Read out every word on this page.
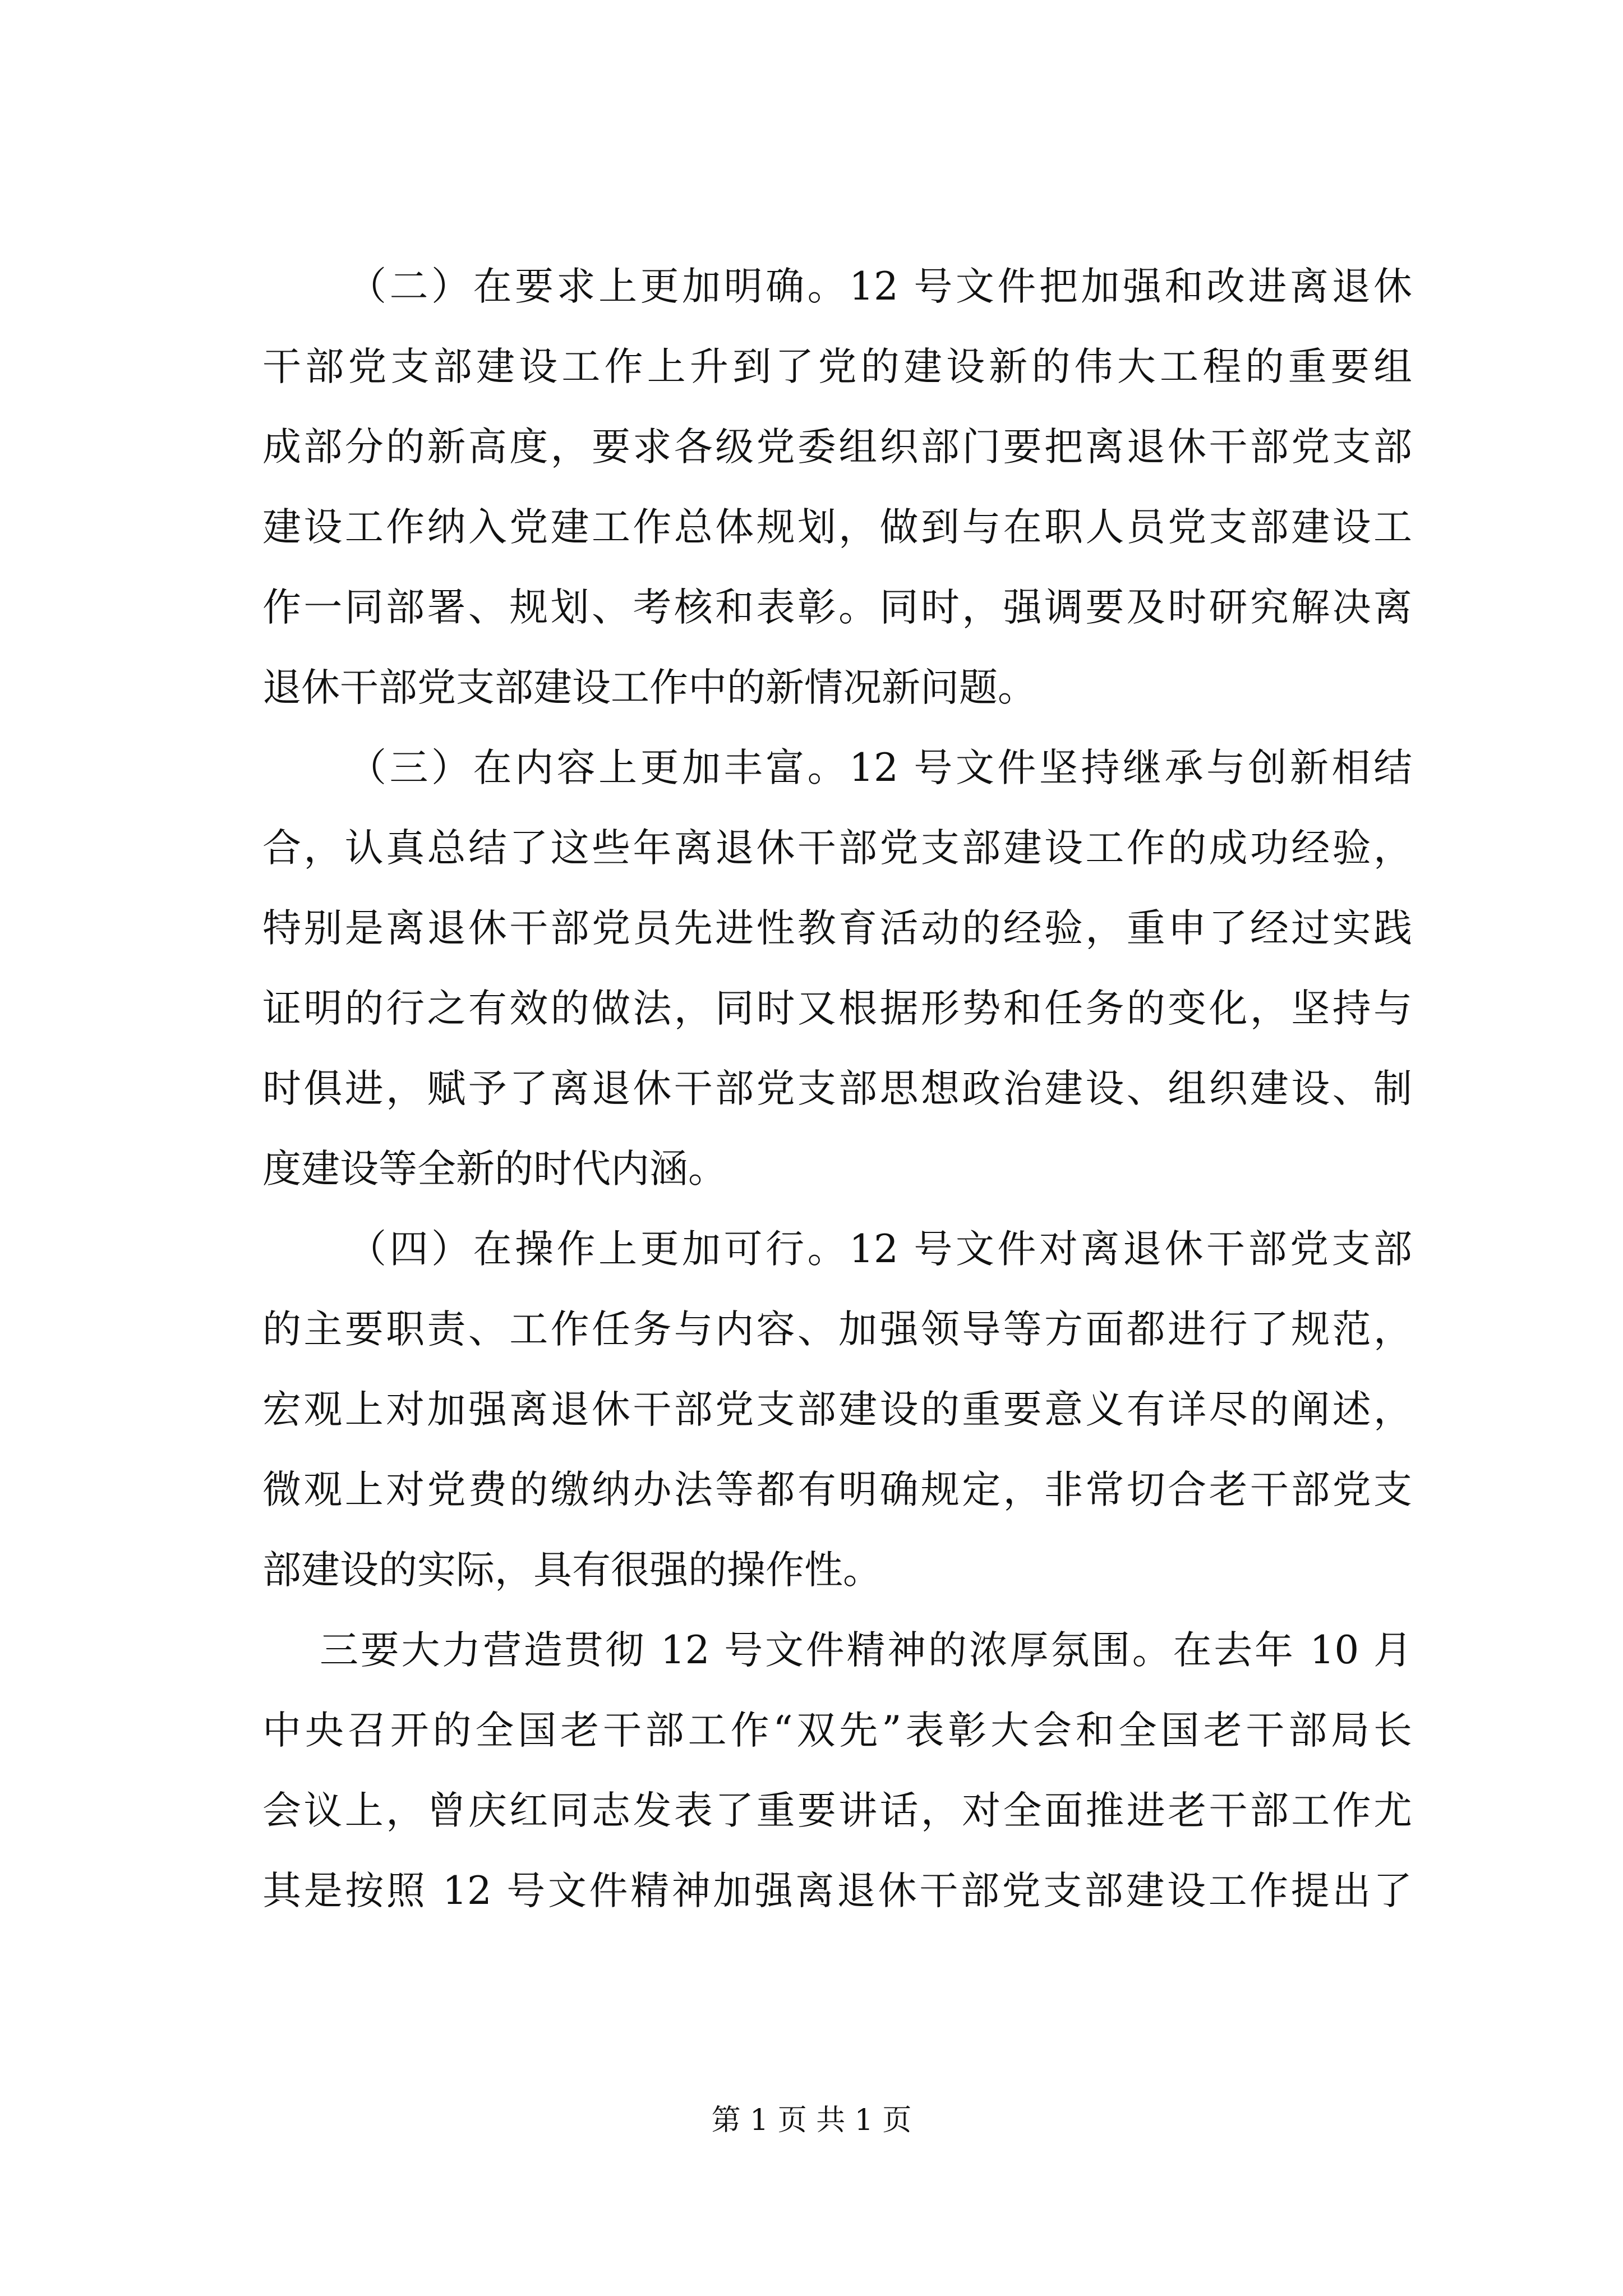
（二）在要求上更加明确。12 号文件把加强和改进离退休
干部党支部建设工作上升到了党的建设新的伟大工程的重要组
成部分的新高度，要求各级党委组织部门要把离退休干部党支部
建设工作纳入党建工作总体规划，做到与在职人员党支部建设工
作一同部署、规划、考核和表彰。同时，强调要及时研究解决离
退休干部党支部建设工作中的新情况新问题。

（三）在内容上更加丰富。12 号文件坚持继承与创新相结
合，认真总结了这些年离退休干部党支部建设工作的成功经验，
特别是离退休干部党员先进性教育活动的经验，重申了经过实践
证明的行之有效的做法，同时又根据形势和任务的变化，坚持与
时俱进，赋予了离退休干部党支部思想政治建设、组织建设、制
度建设等全新的时代内涵。

（四）在操作上更加可行。12 号文件对离退休干部党支部
的主要职责、工作任务与内容、加强领导等方面都进行了规范，
宏观上对加强离退休干部党支部建设的重要意义有详尽的阐述，
微观上对党费的缴纳办法等都有明确规定，非常切合老干部党支
部建设的实际，具有很强的操作性。

三要大力营造贯彻 12 号文件精神的浓厚氛围。在去年 10 月
中央召开的全国老干部工作“双先”表彰大会和全国老干部局长
会议上，曾庆红同志发表了重要讲话，对全面推进老干部工作尤
其是按照 12 号文件精神加强离退休干部党支部建设工作提出了

第 1 页 共 1 页
